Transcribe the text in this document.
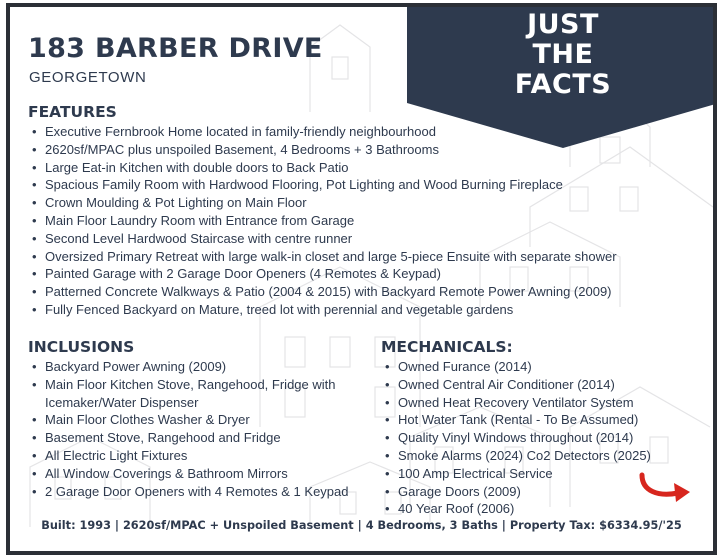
JUST
THE
FACTS
183 BARBER DRIVE
GEORGETOWN
FEATURES
• Executive Fernbrook Home located in family-friendly neighbourhood
• 2620sf/MPAC plus unspoiled Basement, 4 Bedrooms + 3 Bathrooms
• Large Eat-in Kitchen with double doors to Back Patio
• Spacious Family Room with Hardwood Flooring, Pot Lighting and Wood Burning Fireplace
• Crown Moulding & Pot Lighting on Main Floor
• Main Floor Laundry Room with Entrance from Garage
• Second Level Hardwood Staircase with centre runner
• Oversized Primary Retreat with large walk-in closet and large 5-piece Ensuite with separate shower
• Painted Garage with 2 Garage Door Openers (4 Remotes & Keypad)
• Patterned Concrete Walkways & Patio (2004 & 2015) with Backyard Remote Power Awning (2009)
• Fully Fenced Backyard on Mature, treed lot with perennial and vegetable gardens
INCLUSIONS
• Backyard Power Awning (2009)
• Main Floor Kitchen Stove, Rangehood, Fridge with Icemaker/Water Dispenser
• Main Floor Clothes Washer & Dryer
• Basement Stove, Rangehood and Fridge
• All Electric Light Fixtures
• All Window Coverings & Bathroom Mirrors
• 2 Garage Door Openers with 4 Remotes & 1 Keypad
MECHANICALS:
• Owned Furance (2014)
• Owned Central Air Conditioner (2014)
• Owned Heat Recovery Ventilator System
• Hot Water Tank (Rental - To Be Assumed)
• Quality Vinyl Windows throughout (2014)
• Smoke Alarms (2024) Co2 Detectors (2025)
• 100 Amp Electrical Service
• Garage Doors (2009)
• 40 Year Roof (2006)
Built: 1993 | 2620sf/MPAC + Unspoiled Basement | 4 Bedrooms, 3 Baths | Property Tax: $6334.95/'25
